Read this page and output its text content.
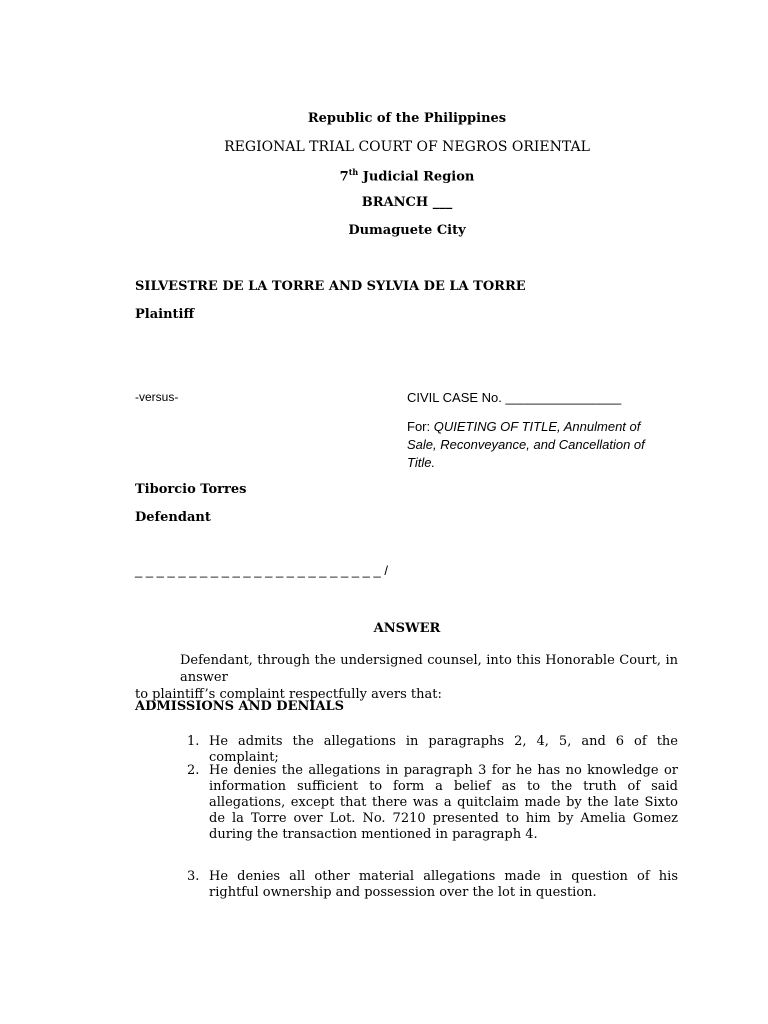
Republic of the Philippines
REGIONAL TRIAL COURT OF NEGROS ORIENTAL
7th Judicial Region
BRANCH ___
Dumaguete City
SILVESTRE DE LA TORRE AND SYLVIA DE LA TORRE
Plaintiff
-versus-	CIVIL CASE No. ________________
For: QUIETING OF TITLE, Annulment of
Sale, Reconveyance, and Cancellation of
Title.
Tiborcio Torres
Defendant
_ _ _ _ _ _ _ _ _ _ _ _ _ _ _ _ _ _ _ _ _ _ _ /
ANSWER
Defendant, through the undersigned counsel, into this Honorable Court, in answer
to plaintiff’s complaint respectfully avers that:
ADMISSIONS AND DENIALS
1. He admits the allegations in paragraphs 2, 4, 5, and 6 of the complaint;
2. He denies the allegations in paragraph 3 for he has no knowledge or information sufficient to form a belief as to the truth of said allegations, except that there was a quitclaim made by the late Sixto de la Torre over Lot. No. 7210 presented to him by Amelia Gomez during the transaction mentioned in paragraph 4.
3. He denies all other material allegations made in question of his rightful ownership and possession over the lot in question.
